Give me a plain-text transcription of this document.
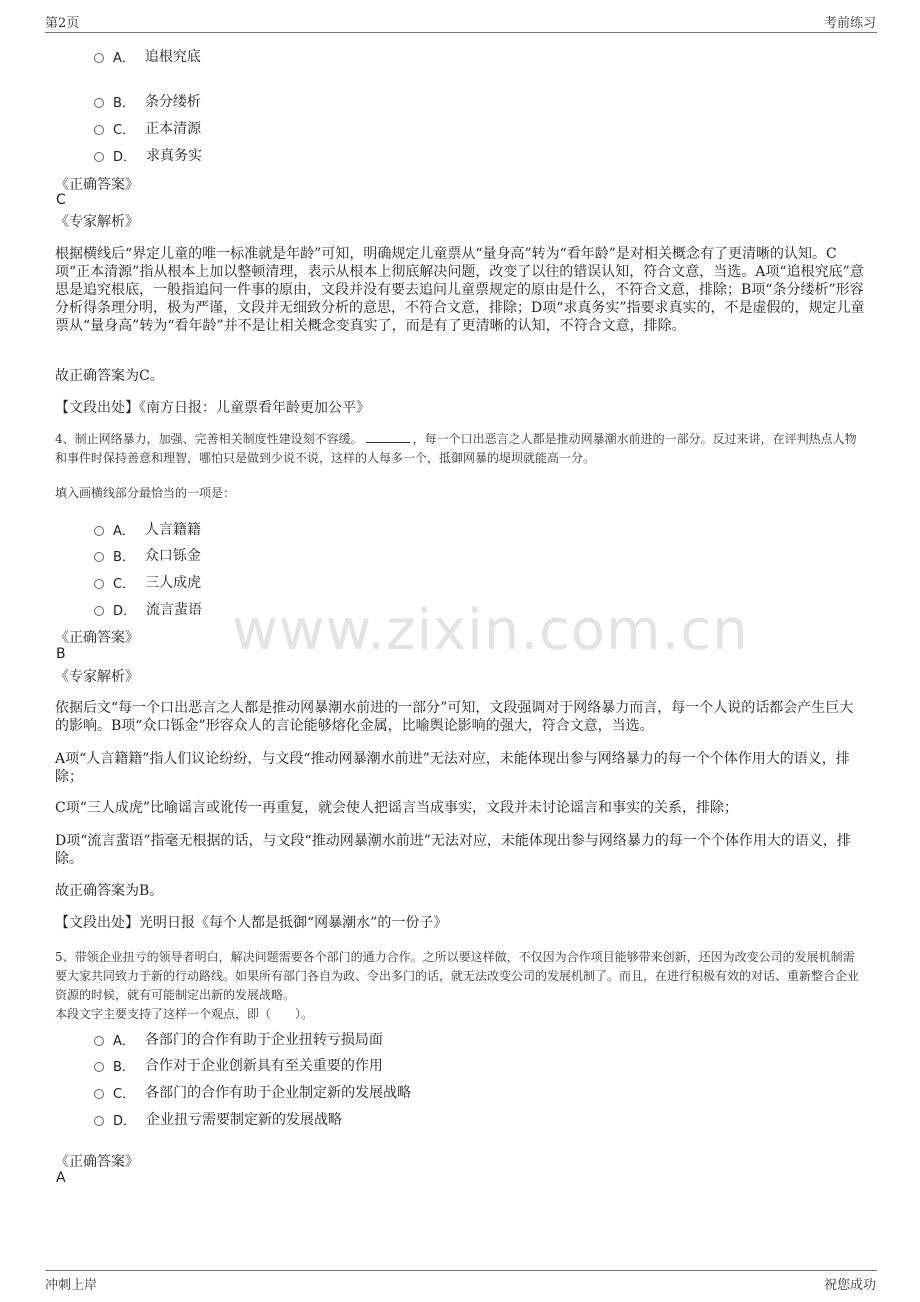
第2页	考前练习
www.zixin.com.cn
A． 追根究底
B． 条分缕析
C． 正本清源
D． 求真务实
《正确答案》
C
《专家解析》
根据横线后“界定儿童的唯一标准就是年龄”可知，明确规定儿童票从“量身高”转为“看年龄”是对相关概念有了更清晰的认知。C项“正本清源”指从根本上加以整顿清理，表示从根本上彻底解决问题，改变了以往的错误认知，符合文意，当选。A项“追根究底”意思是追究根底，一般指追问一件事的原由，文段并没有要去追问儿童票规定的原由是什么，不符合文意，排除；B项“条分缕析”形容分析得条理分明，极为严谨，文段并无细致分析的意思，不符合文意，排除；D项“求真务实”指要求真实的，不是虚假的，规定儿童票从“量身高”转为“看年龄”并不是让相关概念变真实了，而是有了更清晰的认知，不符合文意，排除。
故正确答案为C。
【文段出处】《南方日报：儿童票看年龄更加公平》
4、制止网络暴力，加强、完善相关制度性建设刻不容缓。	，每一个口出恶言之人都是推动网暴潮水前进的一部分。反过来讲，在评判热点人物和事件时保持善意和理智，哪怕只是做到少说不说，这样的人每多一个，抵御网暴的堤坝就能高一分。
填入画横线部分最恰当的一项是：
A． 人言籍籍
B． 众口铄金
C． 三人成虎
D． 流言蜚语
《正确答案》
B
《专家解析》
依据后文“每一个口出恶言之人都是推动网暴潮水前进的一部分”可知，文段强调对于网络暴力而言，每一个人说的话都会产生巨大的影响。B项“众口铄金”形容众人的言论能够熔化金属，比喻舆论影响的强大，符合文意，当选。
A项“人言籍籍”指人们议论纷纷，与文段“推动网暴潮水前进”无法对应，未能体现出参与网络暴力的每一个个体作用大的语义，排除；
C项“三人成虎”比喻谣言或讹传一再重复，就会使人把谣言当成事实，文段并未讨论谣言和事实的关系，排除；
D项“流言蜚语”指毫无根据的话，与文段“推动网暴潮水前进”无法对应，未能体现出参与网络暴力的每一个个体作用大的语义，排除。
故正确答案为B。
【文段出处】光明日报《每个人都是抵御“网暴潮水”的一份子》
5、带领企业扭亏的领导者明白，解决问题需要各个部门的通力合作。之所以要这样做，不仅因为合作项目能够带来创新，还因为改变公司的发展机制需要大家共同致力于新的行动路线。如果所有部门各自为政、令出多门的话，就无法改变公司的发展机制了。而且，在进行积极有效的对话、重新整合企业资源的时候，就有可能制定出新的发展战略。
本段文字主要支持了这样一个观点，即（　　）。
A． 各部门的合作有助于企业扭转亏损局面
B． 合作对于企业创新具有至关重要的作用
C． 各部门的合作有助于企业制定新的发展战略
D． 企业扭亏需要制定新的发展战略
《正确答案》
A
冲刺上岸	祝您成功
